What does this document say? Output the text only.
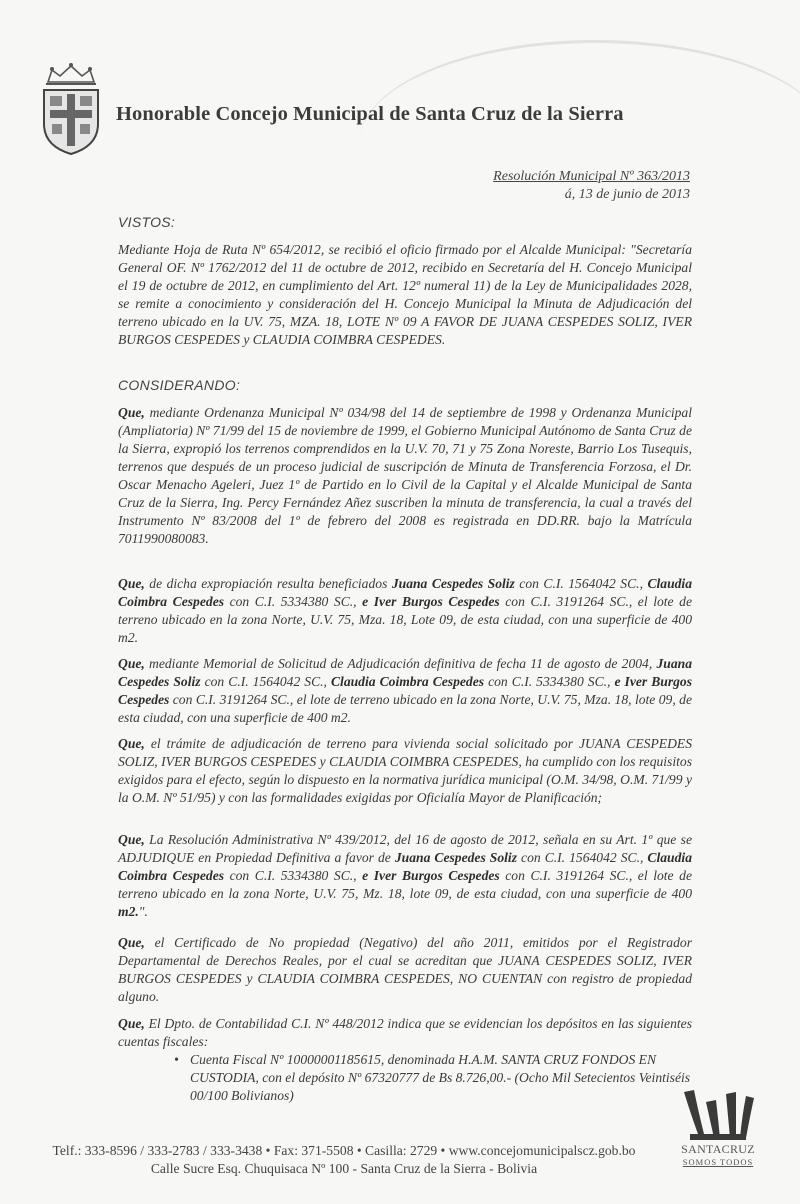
Honorable Concejo Municipal de Santa Cruz de la Sierra
Resolución Municipal Nº 363/2013
á, 13 de junio de 2013
VISTOS:
Mediante Hoja de Ruta Nº 654/2012, se recibió el oficio firmado por el Alcalde Municipal: "Secretaría General OF. Nº 1762/2012 del 11 de octubre de 2012, recibido en Secretaría del H. Concejo Municipal el 19 de octubre de 2012, en cumplimiento del Art. 12º numeral 11) de la Ley de Municipalidades 2028, se remite a conocimiento y consideración del H. Concejo Municipal la Minuta de Adjudicación del terreno ubicado en la UV. 75, MZA. 18, LOTE Nº 09 A FAVOR DE JUANA CESPEDES SOLIZ, IVER BURGOS CESPEDES y CLAUDIA COIMBRA CESPEDES.
CONSIDERANDO:
Que, mediante Ordenanza Municipal Nº 034/98 del 14 de septiembre de 1998 y Ordenanza Municipal (Ampliatoria) Nº 71/99 del 15 de noviembre de 1999, el Gobierno Municipal Autónomo de Santa Cruz de la Sierra, expropió los terrenos comprendidos en la U.V. 70, 71 y 75 Zona Noreste, Barrio Los Tusequis, terrenos que después de un proceso judicial de suscripción de Minuta de Transferencia Forzosa, el Dr. Oscar Menacho Ageleri, Juez 1º de Partido en lo Civil de la Capital y el Alcalde Municipal de Santa Cruz de la Sierra, Ing. Percy Fernández Añez suscriben la minuta de transferencia, la cual a través del Instrumento Nº 83/2008 del 1º de febrero del 2008 es registrada en DD.RR. bajo la Matrícula 7011990080083.
Que, de dicha expropiación resulta beneficiados Juana Cespedes Soliz con C.I. 1564042 SC., Claudia Coimbra Cespedes con C.I. 5334380 SC., e Iver Burgos Cespedes con C.I. 3191264 SC., el lote de terreno ubicado en la zona Norte, U.V. 75, Mza. 18, Lote 09, de esta ciudad, con una superficie de 400 m2.
Que, mediante Memorial de Solicitud de Adjudicación definitiva de fecha 11 de agosto de 2004, Juana Cespedes Soliz con C.I. 1564042 SC., Claudia Coimbra Cespedes con C.I. 5334380 SC., e Iver Burgos Cespedes con C.I. 3191264 SC., el lote de terreno ubicado en la zona Norte, U.V. 75, Mza. 18, lote 09, de esta ciudad, con una superficie de 400 m2.
Que, el trámite de adjudicación de terreno para vivienda social solicitado por JUANA CESPEDES SOLIZ, IVER BURGOS CESPEDES y CLAUDIA COIMBRA CESPEDES, ha cumplido con los requisitos exigidos para el efecto, según lo dispuesto en la normativa jurídica municipal (O.M. 34/98, O.M. 71/99 y la O.M. Nº 51/95) y con las formalidades exigidas por Oficialía Mayor de Planificación;
Que, La Resolución Administrativa Nº 439/2012, del 16 de agosto de 2012, señala en su Art. 1º que se ADJUDIQUE en Propiedad Definitiva a favor de Juana Cespedes Soliz con C.I. 1564042 SC., Claudia Coimbra Cespedes con C.I. 5334380 SC., e Iver Burgos Cespedes con C.I. 3191264 SC., el lote de terreno ubicado en la zona Norte, U.V. 75, Mz. 18, lote 09, de esta ciudad, con una superficie de 400 m2.".
Que, el Certificado de No propiedad (Negativo) del año 2011, emitidos por el Registrador Departamental de Derechos Reales, por el cual se acreditan que JUANA CESPEDES SOLIZ, IVER BURGOS CESPEDES y CLAUDIA COIMBRA CESPEDES, NO CUENTAN con registro de propiedad alguno.
Que, El Dpto. de Contabilidad C.I. Nº 448/2012 indica que se evidencian los depósitos en las siguientes cuentas fiscales:
• Cuenta Fiscal Nº 10000001185615, denominada H.A.M. SANTA CRUZ FONDOS EN CUSTODIA, con el depósito Nº 67320777 de Bs 8.726,00.- (Ocho Mil Setecientos Veintiséis 00/100 Bolivianos)
Telf.: 333-8596 / 333-2783 / 333-3438 • Fax: 371-5508 • Casilla: 2729 • www.concejomunicipalscz.gob.bo
Calle Sucre Esq. Chuquisaca Nº 100 - Santa Cruz de la Sierra - Bolivia
SANTACRUZ
SOMOS TODOS
